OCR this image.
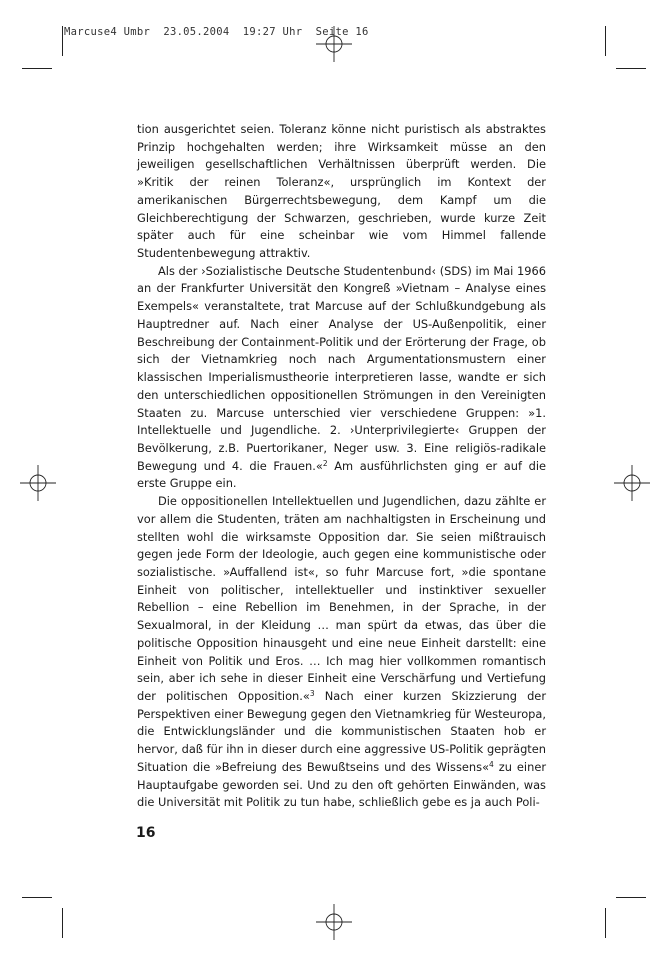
Marcuse4 Umbr  23.05.2004  19:27 Uhr  Seite 16

tion ausgerichtet seien. Toleranz könne nicht puristisch als abstraktes Prinzip hochgehalten werden; ihre Wirksamkeit müsse an den jeweiligen gesellschaftlichen Verhältnissen überprüft werden. Die »Kritik der reinen Toleranz«, ursprünglich im Kontext der amerikanischen Bürgerrechtsbewegung, dem Kampf um die Gleichberechtigung der Schwarzen, geschrieben, wurde kurze Zeit später auch für eine scheinbar wie vom Himmel fallende Studentenbewegung attraktiv.

Als der ›Sozialistische Deutsche Studentenbund‹ (SDS) im Mai 1966 an der Frankfurter Universität den Kongreß »Vietnam – Analyse eines Exempels« veranstaltete, trat Marcuse auf der Schlußkundgebung als Hauptredner auf. Nach einer Analyse der US-Außenpolitik, einer Beschreibung der Containment-Politik und der Erörterung der Frage, ob sich der Vietnamkrieg noch nach Argumentationsmustern einer klassischen Imperialismustheorie interpretieren lasse, wandte er sich den unterschiedlichen oppositionellen Strömungen in den Vereinigten Staaten zu. Marcuse unterschied vier verschiedene Gruppen: »1. Intellektuelle und Jugendliche. 2. ›Unterprivilegierte‹ Gruppen der Bevölkerung, z.B. Puertorikaner, Neger usw. 3. Eine religiös-radikale Bewegung und 4. die Frauen.«$^2$ Am ausführlichsten ging er auf die erste Gruppe ein.

Die oppositionellen Intellektuellen und Jugendlichen, dazu zählte er vor allem die Studenten, träten am nachhaltigsten in Erscheinung und stellten wohl die wirksamste Opposition dar. Sie seien mißtrauisch gegen jede Form der Ideologie, auch gegen eine kommunistische oder sozialistische. »Auffallend ist«, so fuhr Marcuse fort, »die spontane Einheit von politischer, intellektueller und instinktiver sexueller Rebellion – eine Rebellion im Benehmen, in der Sprache, in der Sexualmoral, in der Kleidung … man spürt da etwas, das über die politische Opposition hinausgeht und eine neue Einheit darstellt: eine Einheit von Politik und Eros. … Ich mag hier vollkommen romantisch sein, aber ich sehe in dieser Einheit eine Verschärfung und Vertiefung der politischen Opposition.«$^3$ Nach einer kurzen Skizzierung der Perspektiven einer Bewegung gegen den Vietnamkrieg für Westeuropa, die Entwicklungsländer und die kommunistischen Staaten hob er hervor, daß für ihn in dieser durch eine aggressive US-Politik geprägten Situation die »Befreiung des Bewußtseins und des Wissens«$^4$ zu einer Hauptaufgabe geworden sei. Und zu den oft gehörten Einwänden, was die Universität mit Politik zu tun habe, schließlich gebe es ja auch Poli-

16
